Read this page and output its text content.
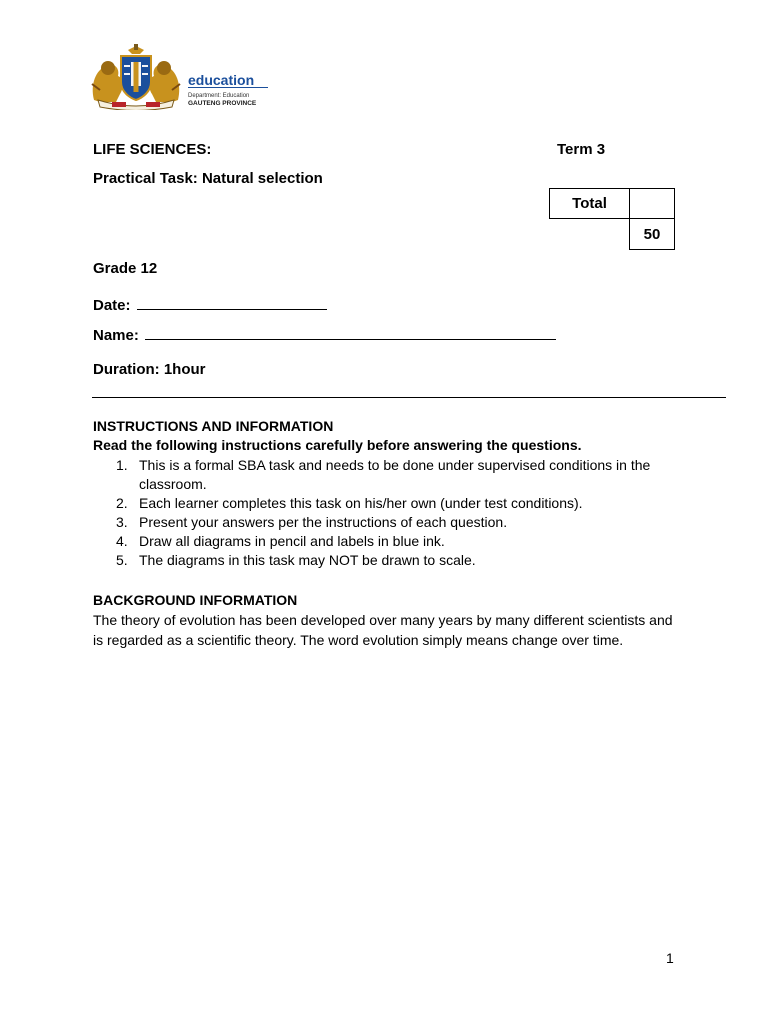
education
Department: Education
GAUTENG PROVINCE
LIFE SCIENCES:	Term 3
Practical Task: Natural selection
Total
50
Grade 12
Date:
Name:
Duration: 1hour
INSTRUCTIONS AND INFORMATION
Read the following instructions carefully before answering the questions.
1. This is a formal SBA task and needs to be done under supervised conditions in the classroom.
2. Each learner completes this task on his/her own (under test conditions).
3. Present your answers per the instructions of each question.
4. Draw all diagrams in pencil and labels in blue ink.
5. The diagrams in this task may NOT be drawn to scale.
BACKGROUND INFORMATION
The theory of evolution has been developed over many years by many different scientists and is regarded as a scientific theory. The word evolution simply means change over time.
1
